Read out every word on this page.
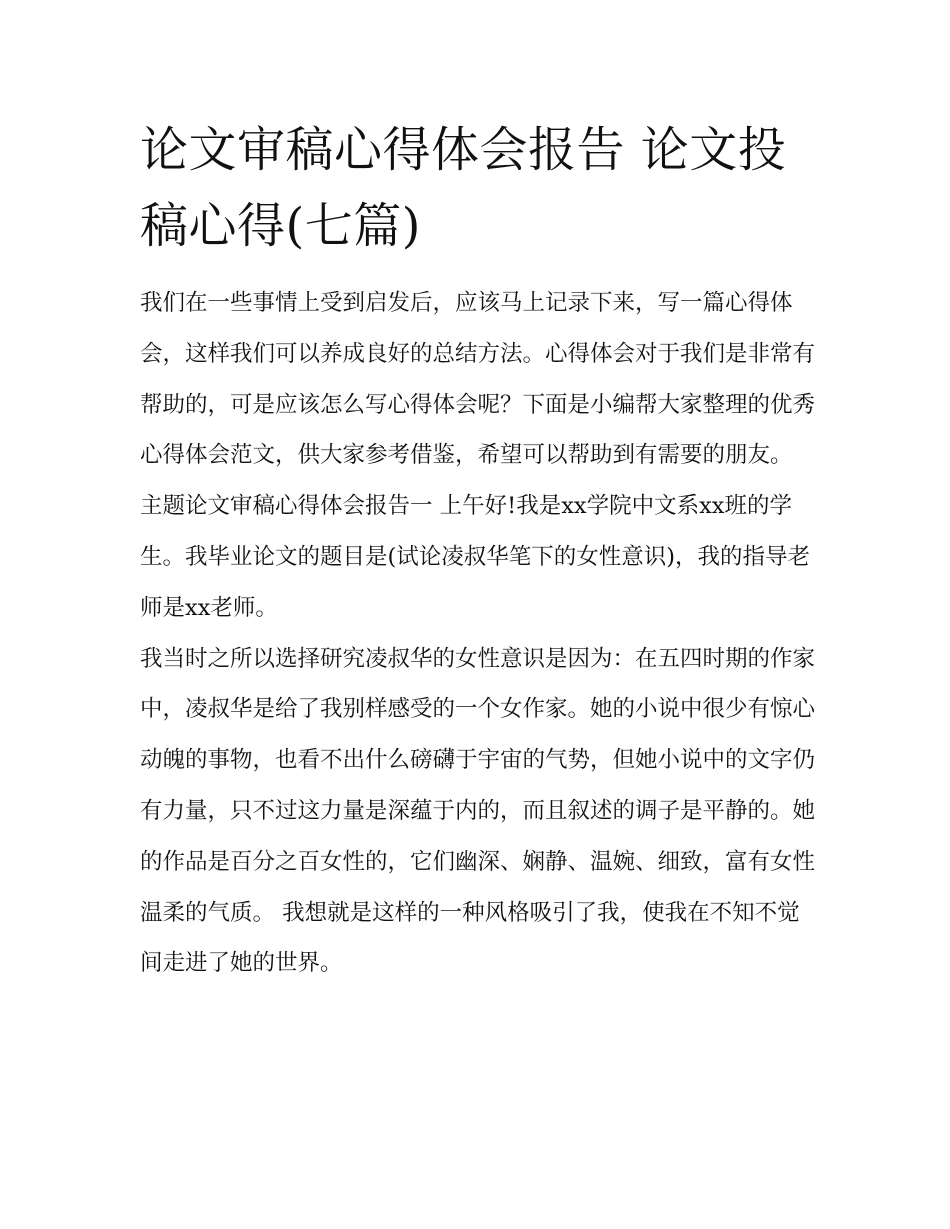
论文审稿心得体会报告 论文投稿心得(七篇)

我们在一些事情上受到启发后，应该马上记录下来，写一篇心得体会，这样我们可以养成良好的总结方法。心得体会对于我们是非常有帮助的，可是应该怎么写心得体会呢？下面是小编帮大家整理的优秀心得体会范文，供大家参考借鉴，希望可以帮助到有需要的朋友。

主题论文审稿心得体会报告一 上午好!我是xx学院中文系xx班的学生。我毕业论文的题目是(试论凌叔华笔下的女性意识)，我的指导老师是xx老师。

我当时之所以选择研究凌叔华的女性意识是因为：在五四时期的作家中，凌叔华是给了我别样感受的一个女作家。她的小说中很少有惊心动魄的事物，也看不出什么磅礴于宇宙的气势，但她小说中的文字仍有力量，只不过这力量是深蕴于内的，而且叙述的调子是平静的。她的作品是百分之百女性的，它们幽深、娴静、温婉、细致，富有女性温柔的气质。 我想就是这样的一种风格吸引了我，使我在不知不觉间走进了她的世界。
